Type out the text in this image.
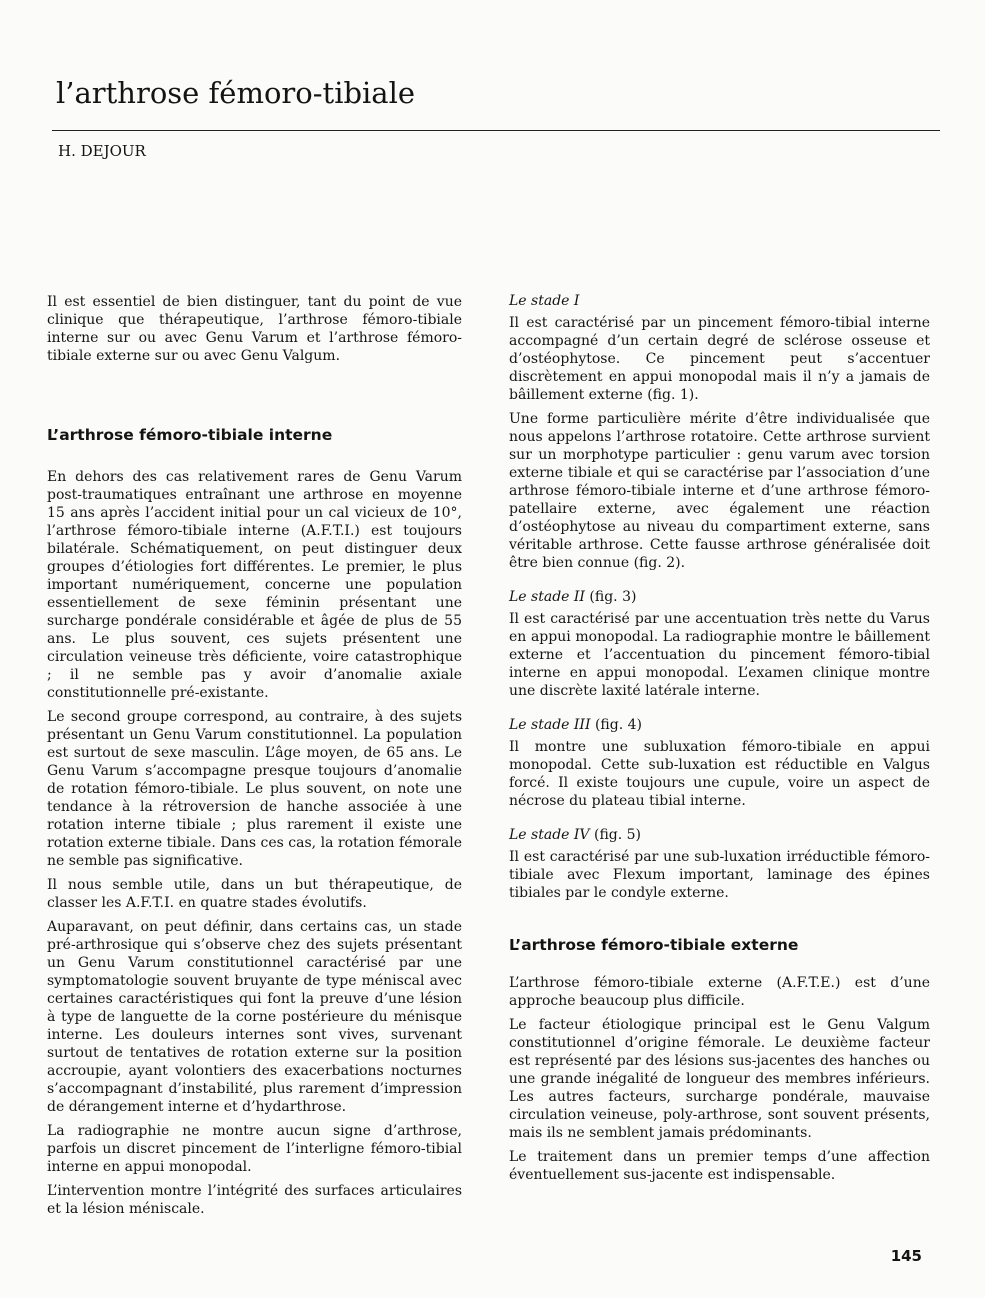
l’arthrose fémoro-tibiale
H. DEJOUR

Il est essentiel de bien distinguer, tant du point de vue clinique que thérapeutique, l’arthrose fémoro-tibiale interne sur ou avec Genu Varum et l’arthrose fémoro-tibiale externe sur ou avec Genu Valgum.

L’arthrose fémoro-tibiale interne

En dehors des cas relativement rares de Genu Varum post-traumatiques entraînant une arthrose en moyenne 15 ans après l’accident initial pour un cal vicieux de 10°, l’arthrose fémoro-tibiale interne (A.F.T.I.) est toujours bilatérale. Schématiquement, on peut distinguer deux groupes d’étiologies fort différentes. Le premier, le plus important numériquement, concerne une population essentiellement de sexe féminin présentant une surcharge pondérale considérable et âgée de plus de 55 ans. Le plus souvent, ces sujets présentent une circulation veineuse très déficiente, voire catastrophique ; il ne semble pas y avoir d’anomalie axiale constitutionnelle pré-existante.

Le second groupe correspond, au contraire, à des sujets présentant un Genu Varum constitutionnel. La population est surtout de sexe masculin. L’âge moyen, de 65 ans. Le Genu Varum s’accompagne presque toujours d’anomalie de rotation fémoro-tibiale. Le plus souvent, on note une tendance à la rétroversion de hanche associée à une rotation interne tibiale ; plus rarement il existe une rotation externe tibiale. Dans ces cas, la rotation fémorale ne semble pas significative.

Il nous semble utile, dans un but thérapeutique, de classer les A.F.T.I. en quatre stades évolutifs.

Auparavant, on peut définir, dans certains cas, un stade pré-arthrosique qui s’observe chez des sujets présentant un Genu Varum constitutionnel caractérisé par une symptomatologie souvent bruyante de type méniscal avec certaines caractéristiques qui font la preuve d’une lésion à type de languette de la corne postérieure du ménisque interne. Les douleurs internes sont vives, survenant surtout de tentatives de rotation externe sur la position accroupie, ayant volontiers des exacerbations nocturnes s’accompagnant d’instabilité, plus rarement d’impression de dérangement interne et d’hydarthrose.

La radiographie ne montre aucun signe d’arthrose, parfois un discret pincement de l’interligne fémoro-tibial interne en appui monopodal.

L’intervention montre l’intégrité des surfaces articulaires et la lésion méniscale.

Le stade I

Il est caractérisé par un pincement fémoro-tibial interne accompagné d’un certain degré de sclérose osseuse et d’ostéophytose. Ce pincement peut s’accentuer discrètement en appui monopodal mais il n’y a jamais de bâillement externe (fig. 1).

Une forme particulière mérite d’être individualisée que nous appelons l’arthrose rotatoire. Cette arthrose survient sur un morphotype particulier : genu varum avec torsion externe tibiale et qui se caractérise par l’association d’une arthrose fémoro-tibiale interne et d’une arthrose fémoro-patellaire externe, avec également une réaction d’ostéophytose au niveau du compartiment externe, sans véritable arthrose. Cette fausse arthrose généralisée doit être bien connue (fig. 2).

Le stade II (fig. 3)

Il est caractérisé par une accentuation très nette du Varus en appui monopodal. La radiographie montre le bâillement externe et l’accentuation du pincement fémoro-tibial interne en appui monopodal. L’examen clinique montre une discrète laxité latérale interne.

Le stade III (fig. 4)

Il montre une subluxation fémoro-tibiale en appui monopodal. Cette sub-luxation est réductible en Valgus forcé. Il existe toujours une cupule, voire un aspect de nécrose du plateau tibial interne.

Le stade IV (fig. 5)

Il est caractérisé par une sub-luxation irréductible fémoro-tibiale avec Flexum important, laminage des épines tibiales par le condyle externe.

L’arthrose fémoro-tibiale externe

L’arthrose fémoro-tibiale externe (A.F.T.E.) est d’une approche beaucoup plus difficile.

Le facteur étiologique principal est le Genu Valgum constitutionnel d’origine fémorale. Le deuxième facteur est représenté par des lésions sus-jacentes des hanches ou une grande inégalité de longueur des membres inférieurs. Les autres facteurs, surcharge pondérale, mauvaise circulation veineuse, poly-arthrose, sont souvent présents, mais ils ne semblent jamais prédominants.

Le traitement dans un premier temps d’une affection éventuellement sus-jacente est indispensable.

145
